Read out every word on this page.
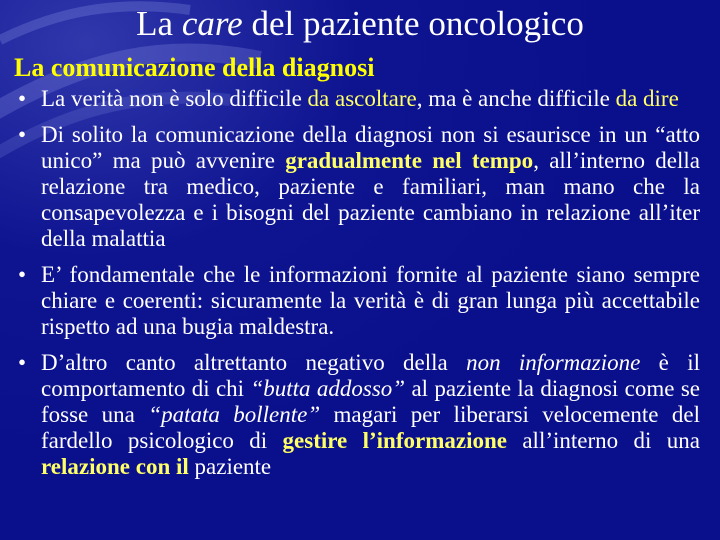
La care del paziente oncologico
La comunicazione della diagnosi
• La verità non è solo difficile da ascoltare, ma è anche difficile da dire
• Di solito la comunicazione della diagnosi non si esaurisce in un “atto unico” ma può avvenire gradualmente nel tempo, all’interno della relazione tra medico, paziente e familiari, man mano che la consapevolezza e i bisogni del paziente cambiano in relazione all’iter della malattia
• E’ fondamentale che le informazioni fornite al paziente siano sempre chiare e coerenti: sicuramente la verità è di gran lunga più accettabile rispetto ad una bugia maldestra.
• D’altro canto altrettanto negativo della non informazione è il comportamento di chi “butta addosso” al paziente la diagnosi come se fosse una “patata bollente” magari per liberarsi velocemente del fardello psicologico di gestire l’informazione all’interno di una relazione con il paziente
